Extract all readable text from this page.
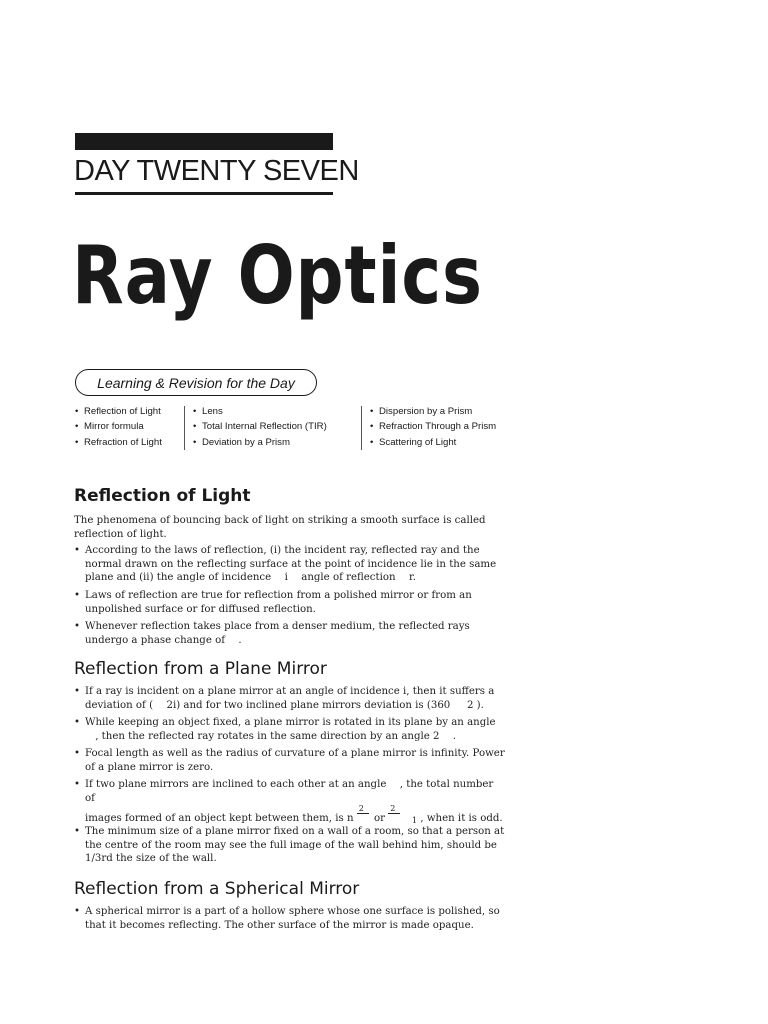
DAY TWENTY SEVEN
Ray Optics
Learning & Revision for the Day
• Reflection of Light
• Mirror formula
• Refraction of Light
• Lens
• Total Internal Reflection (TIR)
• Deviation by a Prism
• Dispersion by a Prism
• Refraction Through a Prism
• Scattering of Light
Reflection of Light
The phenomena of bouncing back of light on striking a smooth surface is called reflection of light.
• According to the laws of reflection, (i) the incident ray, reflected ray and the normal drawn on the reflecting surface at the point of incidence lie in the same plane and (ii) the angle of incidence  i  angle of reflection  r.
• Laws of reflection are true for reflection from a polished mirror or from an unpolished surface or for diffused reflection.
• Whenever reflection takes place from a denser medium, the reflected rays undergo a phase change of  .
Reflection from a Plane Mirror
• If a ray is incident on a plane mirror at an angle of incidence i, then it suffers a deviation of (  2i) and for two inclined plane mirrors deviation is (360   2 ).
• While keeping an object fixed, a plane mirror is rotated in its plane by an angle  , then the reflected ray rotates in the same direction by an angle 2  .
• Focal length as well as the radius of curvature of a plane mirror is infinity. Power of a plane mirror is zero.
• If two plane mirrors are inclined to each other at an angle  , the total number of
images formed of an object kept between them, is n
2
or
2
1 , when it is odd.
• The minimum size of a plane mirror fixed on a wall of a room, so that a person at the centre of the room may see the full image of the wall behind him, should be 1/3rd the size of the wall.
Reflection from a Spherical Mirror
• A spherical mirror is a part of a hollow sphere whose one surface is polished, so that it becomes reflecting. The other surface of the mirror is made opaque.
